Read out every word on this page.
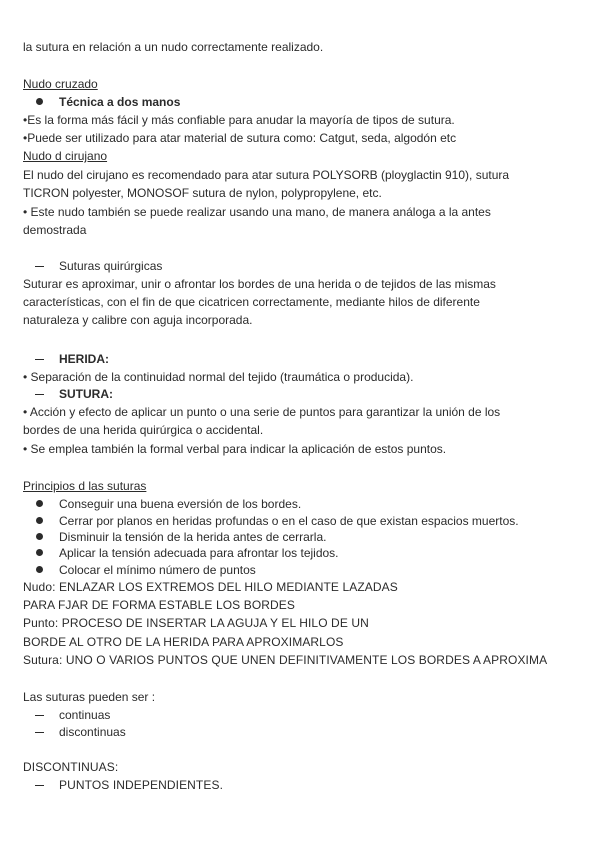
la sutura en relación a un nudo correctamente realizado.
Nudo cruzado
Técnica a dos manos
•Es la forma más fácil y más confiable para anudar la mayoría de tipos de sutura.
•Puede ser utilizado para atar material de sutura como: Catgut, seda, algodón etc
Nudo d cirujano
El nudo del cirujano es recomendado para atar sutura POLYSORB (ployglactin 910), sutura
TICRON polyester, MONOSOF sutura de nylon, polypropylene, etc.
• Este nudo también se puede realizar usando una mano, de manera análoga a la antes
demostrada
Suturas quirúrgicas
Suturar es aproximar, unir o afrontar los bordes de una herida o de tejidos de las mismas
características, con el fin de que cicatricen correctamente, mediante hilos de diferente
naturaleza y calibre con aguja incorporada.
HERIDA:
• Separación de la continuidad normal del tejido (traumática o producida).
SUTURA:
• Acción y efecto de aplicar un punto o una serie de puntos para garantizar la unión de los
bordes de una herida quirúrgica o accidental.
• Se emplea también la formal verbal para indicar la aplicación de estos puntos.
Principios d las suturas
Conseguir una buena eversión de los bordes.
Cerrar por planos en heridas profundas o en el caso de que existan espacios muertos.
Disminuir la tensión de la herida antes de cerrarla.
Aplicar la tensión adecuada para afrontar los tejidos.
Colocar el mínimo número de puntos
Nudo: ENLAZAR LOS EXTREMOS DEL HILO MEDIANTE LAZADAS
PARA FJAR DE FORMA ESTABLE LOS BORDES
Punto: PROCESO DE INSERTAR LA AGUJA Y EL HILO DE UN
BORDE AL OTRO DE LA HERIDA PARA APROXIMARLOS
Sutura: UNO O VARIOS PUNTOS QUE UNEN DEFINITIVAMENTE LOS BORDES A APROXIMA
Las suturas pueden ser :
continuas
discontinuas
DISCONTINUAS:
PUNTOS INDEPENDIENTES.
